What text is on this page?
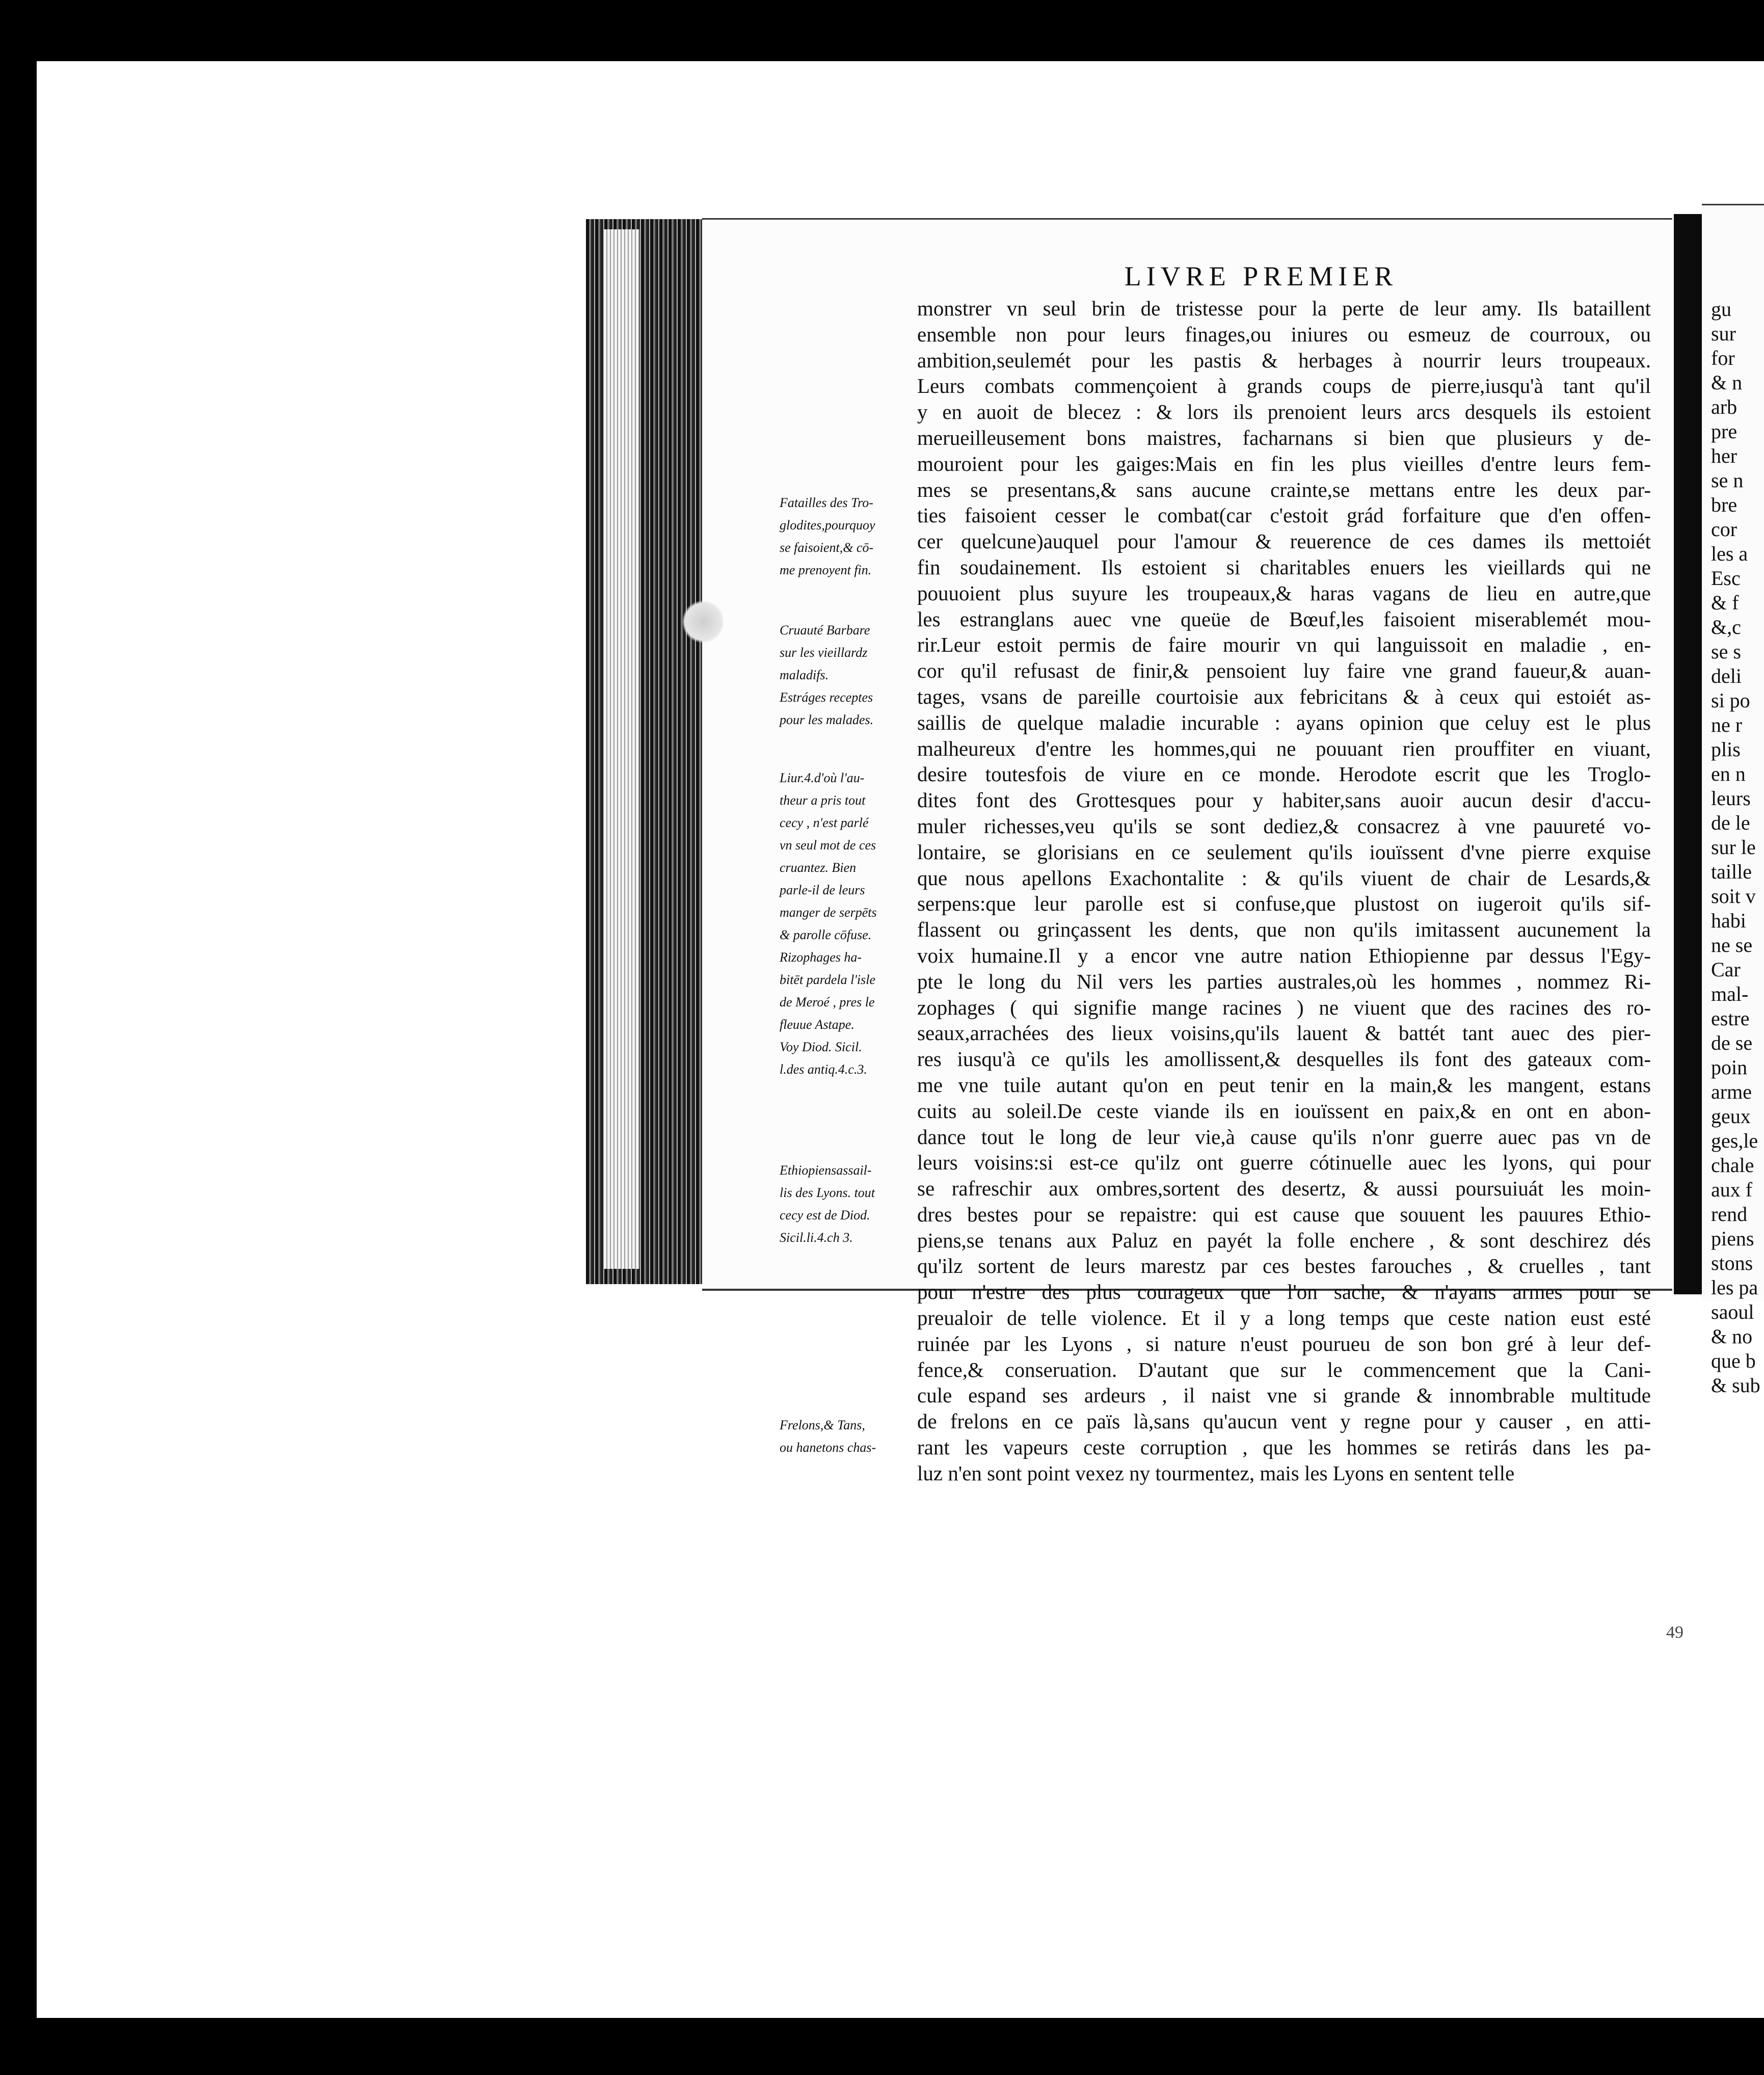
LIVRE PREMIER
monstrer vn seul brin de tristesse pour la perte de leur amy. Ils bataillent
ensemble non pour leurs finages,ou iniures ou esmeuz de courroux, ou
ambition,seulemét pour les pastis & herbages à nourrir leurs troupeaux.
Leurs combats commençoient à grands coups de pierre,iusqu'à tant qu'il
y en auoit de blecez : & lors ils prenoient leurs arcs desquels ils estoient
merueilleusement bons maistres, facharnans si bien que plusieurs y de-
mouroient pour les gaiges:Mais en fin les plus vieilles d'entre leurs fem-
mes se presentans,& sans aucune crainte,se mettans entre les deux par-
ties faisoient cesser le combat(car c'estoit grád forfaiture que d'en offen-
cer quelcune)auquel pour l'amour & reuerence de ces dames ils mettoiét
fin soudainement. Ils estoient si charitables enuers les vieillards qui ne
pouuoient plus suyure les troupeaux,& haras vagans de lieu en autre,que
les estranglans auec vne queüe de Bœuf,les faisoient miserablemét mou-
rir.Leur estoit permis de faire mourir vn qui languissoit en maladie , en-
cor qu'il refusast de finir,& pensoient luy faire vne grand faueur,& auan-
tages, vsans de pareille courtoisie aux febricitans & à ceux qui estoiét as-
saillis de quelque maladie incurable : ayans opinion que celuy est le plus
malheureux d'entre les hommes,qui ne pouuant rien prouffiter en viuant,
desire toutesfois de viure en ce monde. Herodote escrit que les Troglo-
dites font des Grottesques pour y habiter,sans auoir aucun desir d'accu-
muler richesses,veu qu'ils se sont dediez,& consacrez à vne pauureté vo-
lontaire, se glorisians en ce seulement qu'ils iouïssent d'vne pierre exquise
que nous apellons Exachontalite : & qu'ils viuent de chair de Lesards,&
serpens:que leur parolle est si confuse,que plustost on iugeroit qu'ils sif-
flassent ou grinçassent les dents, que non qu'ils imitassent aucunement la
voix humaine.Il y a encor vne autre nation Ethiopienne par dessus l'Egy-
pte le long du Nil vers les parties australes,où les hommes , nommez Ri-
zophages ( qui signifie mange racines ) ne viuent que des racines des ro-
seaux,arrachées des lieux voisins,qu'ils lauent & battét tant auec des pier-
res iusqu'à ce qu'ils les amollissent,& desquelles ils font des gateaux com-
me vne tuile autant qu'on en peut tenir en la main,& les mangent, estans
cuits au soleil.De ceste viande ils en iouïssent en paix,& en ont en abon-
dance tout le long de leur vie,à cause qu'ils n'onr guerre auec pas vn de
leurs voisins:si est-ce qu'ilz ont guerre cótinuelle auec les lyons, qui pour
se rafreschir aux ombres,sortent des desertz, & aussi poursuiuát les moin-
dres bestes pour se repaistre: qui est cause que souuent les pauures Ethio-
piens,se tenans aux Paluz en payét la folle enchere , & sont deschirez dés
qu'ilz sortent de leurs marestz par ces bestes farouches , & cruelles , tant
pour n'estre des plus courageux que l'on sache, & n'ayans armes pour se
preualoir de telle violence. Et il y a long temps que ceste nation eust esté
ruinée par les Lyons , si nature n'eust pourueu de son bon gré à leur def-
fence,& conseruation. D'autant que sur le commencement que la Cani-
cule espand ses ardeurs , il naist vne si grande & innombrable multitude
de frelons en ce païs là,sans qu'aucun vent y regne pour y causer , en atti-
rant les vapeurs ceste corruption , que les hommes se retirás dans les pa-
luz n'en sont point vexez ny tourmentez, mais les Lyons en sentent telle
Fatailles des Tro-
glodites,pourquoy
se faisoient,& cō-
me prenoyent fin.
Cruauté Barbare
sur les vieillardz
maladifs.
Estráges receptes
pour les malades.
Liur.4.d'où l'au-
theur a pris tout
cecy , n'est parlé
vn seul mot de ces
cruantez. Bien
parle-il de leurs
manger de serpēts
& parolle cōfuse.
Rizophages ha-
bitēt pardela l'isle
de Meroé , pres le
fleuue Astape.
Voy Diod. Sicil.
l.des antiq.4.c.3.
Ethiopiensassail-
lis des Lyons. tout
cecy est de Diod.
Sicil.li.4.ch 3.
Frelons,& Tans,
ou hanetons chas-
49
gu
sur
for
& n
arb
pre
her
se n
bre
cor
les a
Esc
& f
&,c
se s
deli
si po
ne r
plis
en n
leurs
de le
sur le
taille
soit v
habi
ne se
Car
mal-
estre
de se
poin
arme
geux
ges,le
chale
aux f
rend
piens
stons
les pa
saoul
& no
que b
& sub
